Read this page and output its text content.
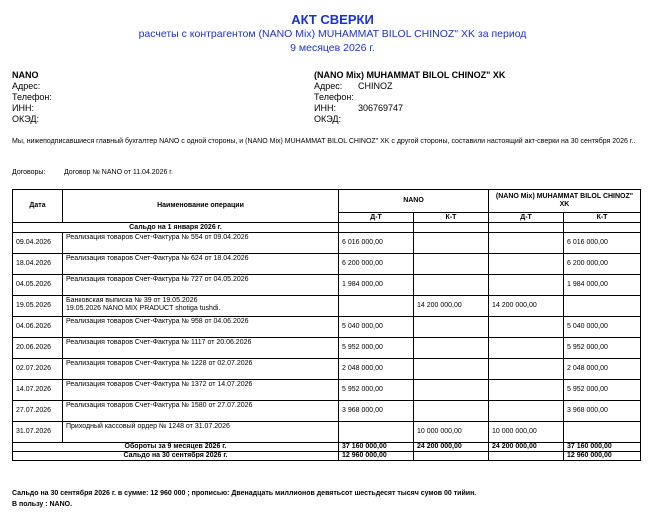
АКТ СВЕРКИ
расчеты с контрагентом (NANO Mix) MUHAMMAT BILOL CHINOZ" XK за период
9 месяцев 2026 г.
NANO
Адрес:
Телефон:
ИНН:
ОКЭД:
(NANO Mix) MUHAMMAT BILOL CHINOZ" XK
Адрес:	CHINOZ
Телефон:
ИНН:	306769747
ОКЭД:
Мы, нижеподписавшиеся главный бухгалтер NANO с одной стороны, и (NANO Mix) MUHAMMAT BILOL CHINOZ" XK с другой стороны, составили настоящий акт-сверки на 30 сентября 2026 г..
Договоры:	Договор № NANO от 11.04.2026 г.
Дата	Наименование операции	NANO		(NANO Mix) MUHAMMAT BILOL CHINOZ" XK	
		Д-Т	К-Т	Д-Т	К-Т
Сальдо на 1 января 2026 г.					
09.04.2026	Реализация товаров Счет-Фактура № 554 от 09.04.2026	6 016 000,00			6 016 000,00
18.04.2026	Реализация товаров Счет-Фактура № 624 от 18.04.2026	6 200 000,00			6 200 000,00
04.05.2026	Реализация товаров Счет-Фактура № 727 от 04.05.2026	1 984 000,00			1 984 000,00
19.05.2026	Банковская выписка № 39 от 19.05.2026
19.05.2026 NANO MIX PRADUCT shotiga tushdi.		14 200 000,00	14 200 000,00	
04.06.2026	Реализация товаров Счет-Фактура № 958 от 04.06.2026	5 040 000,00			5 040 000,00
20.06.2026	Реализация товаров Счет-Фактура № 1117 от 20.06.2026	5 952 000,00			5 952 000,00
02.07.2026	Реализация товаров Счет-Фактура № 1228 от 02.07.2026	2 048 000,00			2 048 000,00
14.07.2026	Реализация товаров Счет-Фактура № 1372 от 14.07.2026	5 952 000,00			5 952 000,00
27.07.2026	Реализация товаров Счет-Фактура № 1580 от 27.07.2026	3 968 000,00			3 968 000,00
31.07.2026	Приходный кассовый ордер № 1248 от 31.07.2026		10 000 000,00	10 000 000,00	
Обороты за 9 месяцев 2026 г.		37 160 000,00	24 200 000,00	24 200 000,00	37 160 000,00
Сальдо на 30 сентября 2026 г.		12 960 000,00			12 960 000,00
Сальдо на 30 сентября 2026 г. в сумме: 12 960 000 ; прописью: Двенадцать миллионов девятьсот шестьдесят тысяч сумов 00 тийин.
В пользу : NANO.
